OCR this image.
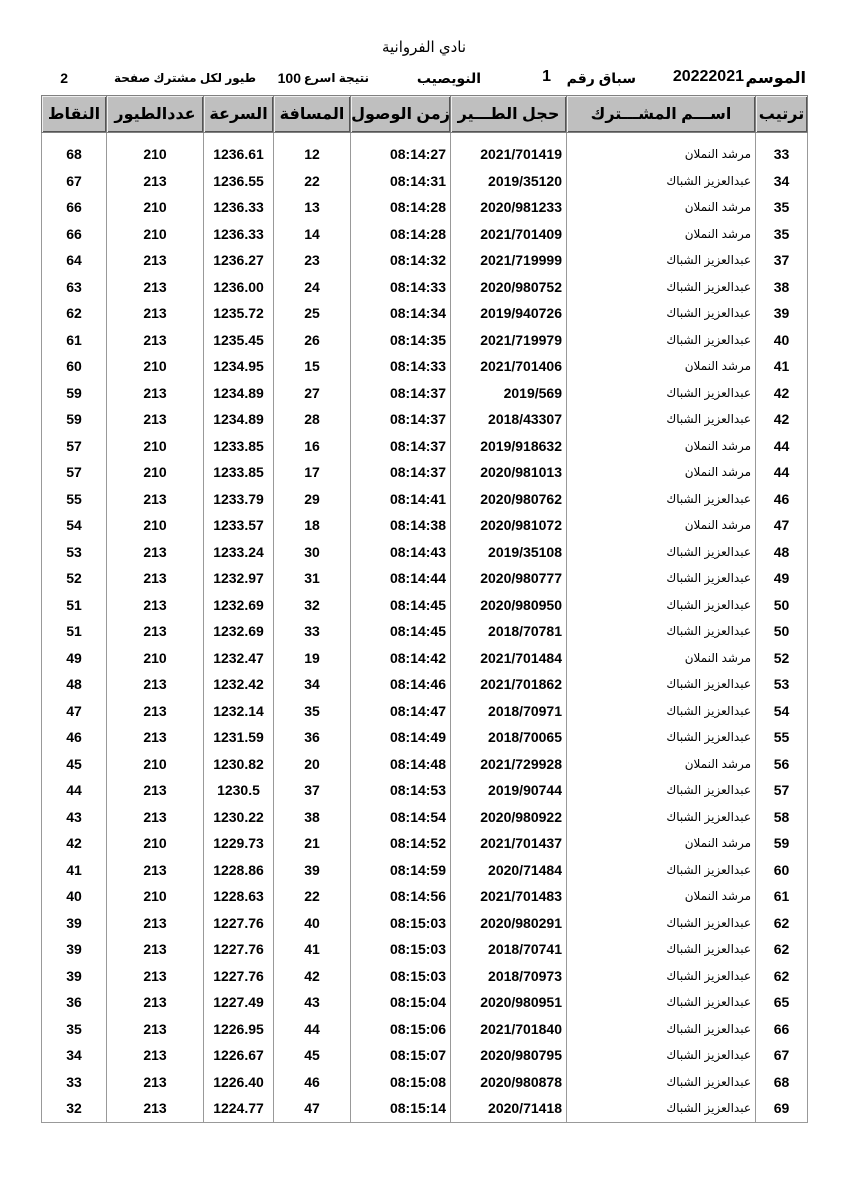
نادي الفروانية
الموسم
20222021
سباق رقم
1
النويصيب
نتيجة اسرع
100
طيور لكل مشترك صفحة
2
النقاط	عددالطيور	السرعة	المسافة	زمن الوصول	حجل الطـــير	اســـم المشـــترك	ترتيب

68	210	1236.61	12	08:14:27	2021/701419	مرشد النملان	33
67	213	1236.55	22	08:14:31	2019/35120	عبدالعزيز الشباك	34
66	210	1236.33	13	08:14:28	2020/981233	مرشد النملان	35
66	210	1236.33	14	08:14:28	2021/701409	مرشد النملان	35
64	213	1236.27	23	08:14:32	2021/719999	عبدالعزيز الشباك	37
63	213	1236.00	24	08:14:33	2020/980752	عبدالعزيز الشباك	38
62	213	1235.72	25	08:14:34	2019/940726	عبدالعزيز الشباك	39
61	213	1235.45	26	08:14:35	2021/719979	عبدالعزيز الشباك	40
60	210	1234.95	15	08:14:33	2021/701406	مرشد النملان	41
59	213	1234.89	27	08:14:37	2019/569	عبدالعزيز الشباك	42
59	213	1234.89	28	08:14:37	2018/43307	عبدالعزيز الشباك	42
57	210	1233.85	16	08:14:37	2019/918632	مرشد النملان	44
57	210	1233.85	17	08:14:37	2020/981013	مرشد النملان	44
55	213	1233.79	29	08:14:41	2020/980762	عبدالعزيز الشباك	46
54	210	1233.57	18	08:14:38	2020/981072	مرشد النملان	47
53	213	1233.24	30	08:14:43	2019/35108	عبدالعزيز الشباك	48
52	213	1232.97	31	08:14:44	2020/980777	عبدالعزيز الشباك	49
51	213	1232.69	32	08:14:45	2020/980950	عبدالعزيز الشباك	50
51	213	1232.69	33	08:14:45	2018/70781	عبدالعزيز الشباك	50
49	210	1232.47	19	08:14:42	2021/701484	مرشد النملان	52
48	213	1232.42	34	08:14:46	2021/701862	عبدالعزيز الشباك	53
47	213	1232.14	35	08:14:47	2018/70971	عبدالعزيز الشباك	54
46	213	1231.59	36	08:14:49	2018/70065	عبدالعزيز الشباك	55
45	210	1230.82	20	08:14:48	2021/729928	مرشد النملان	56
44	213	1230.5	37	08:14:53	2019/90744	عبدالعزيز الشباك	57
43	213	1230.22	38	08:14:54	2020/980922	عبدالعزيز الشباك	58
42	210	1229.73	21	08:14:52	2021/701437	مرشد النملان	59
41	213	1228.86	39	08:14:59	2020/71484	عبدالعزيز الشباك	60
40	210	1228.63	22	08:14:56	2021/701483	مرشد النملان	61
39	213	1227.76	40	08:15:03	2020/980291	عبدالعزيز الشباك	62
39	213	1227.76	41	08:15:03	2018/70741	عبدالعزيز الشباك	62
39	213	1227.76	42	08:15:03	2018/70973	عبدالعزيز الشباك	62
36	213	1227.49	43	08:15:04	2020/980951	عبدالعزيز الشباك	65
35	213	1226.95	44	08:15:06	2021/701840	عبدالعزيز الشباك	66
34	213	1226.67	45	08:15:07	2020/980795	عبدالعزيز الشباك	67
33	213	1226.40	46	08:15:08	2020/980878	عبدالعزيز الشباك	68
32	213	1224.77	47	08:15:14	2020/71418	عبدالعزيز الشباك	69
